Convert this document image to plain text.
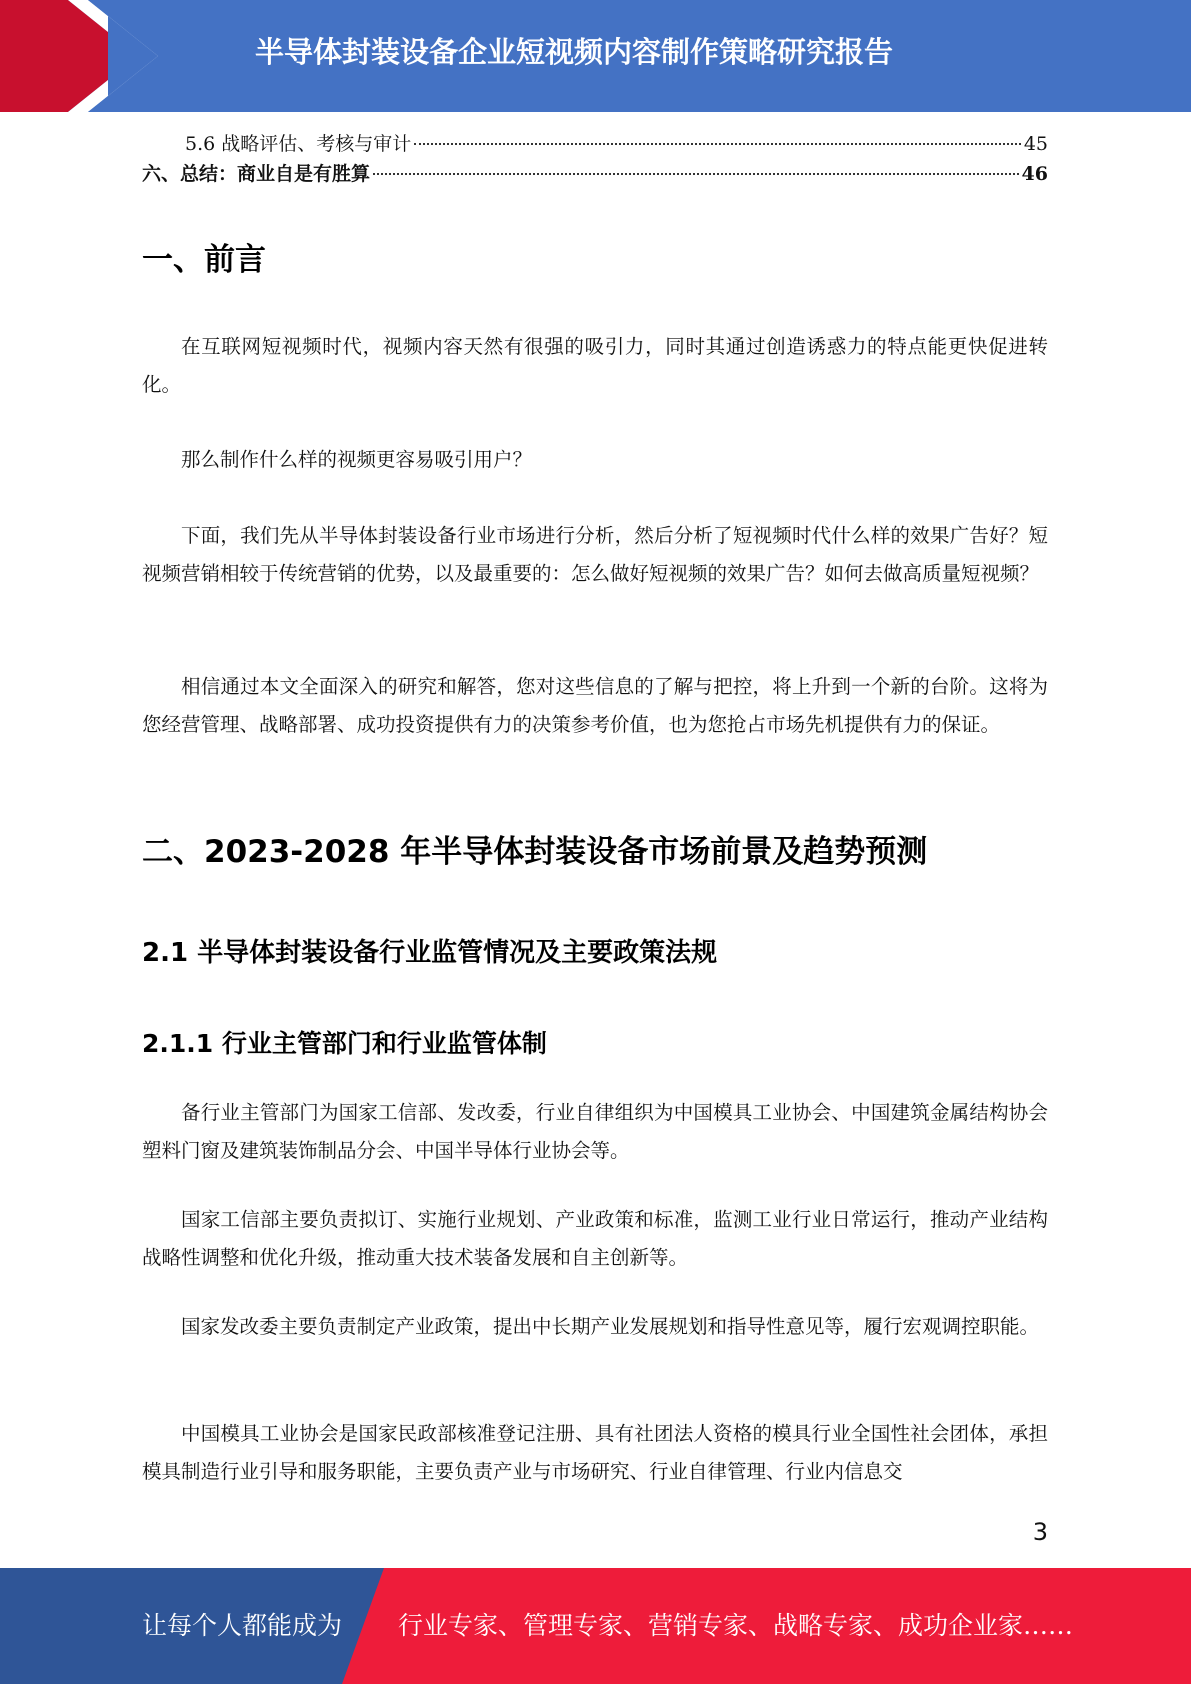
半导体封装设备企业短视频内容制作策略研究报告
5.6 战略评估、考核与审计	45
六、总结：商业自是有胜算	46
一、前言
在互联网短视频时代，视频内容天然有很强的吸引力，同时其通过创造诱惑力的特点能更快促进转化。
那么制作什么样的视频更容易吸引用户？
下面，我们先从半导体封装设备行业市场进行分析，然后分析了短视频时代什么样的效果广告好？短视频营销相较于传统营销的优势，以及最重要的：怎么做好短视频的效果广告？如何去做高质量短视频？
相信通过本文全面深入的研究和解答，您对这些信息的了解与把控，将上升到一个新的台阶。这将为您经营管理、战略部署、成功投资提供有力的决策参考价值，也为您抢占市场先机提供有力的保证。
二、2023-2028 年半导体封装设备市场前景及趋势预测
2.1 半导体封装设备行业监管情况及主要政策法规
2.1.1 行业主管部门和行业监管体制
备行业主管部门为国家工信部、发改委，行业自律组织为中国模具工业协会、中国建筑金属结构协会塑料门窗及建筑装饰制品分会、中国半导体行业协会等。
国家工信部主要负责拟订、实施行业规划、产业政策和标准，监测工业行业日常运行，推动产业结构战略性调整和优化升级，推动重大技术装备发展和自主创新等。
国家发改委主要负责制定产业政策，提出中长期产业发展规划和指导性意见等，履行宏观调控职能。
中国模具工业协会是国家民政部核准登记注册、具有社团法人资格的模具行业全国性社会团体，承担模具制造行业引导和服务职能，主要负责产业与市场研究、行业自律管理、行业内信息交
3
让每个人都能成为 行业专家、管理专家、营销专家、战略专家、成功企业家……
